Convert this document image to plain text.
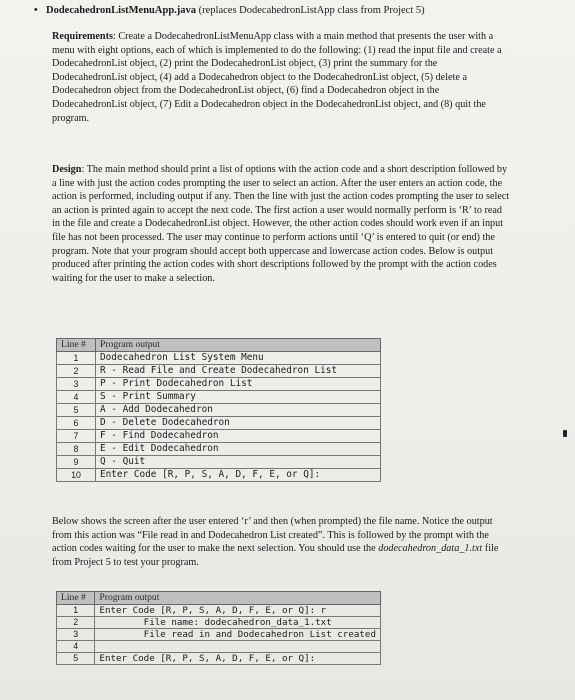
• DodecahedronListMenuApp.java (replaces DodecahedronListApp class from Project 5)
Requirements: Create a DodecahedronListMenuApp class with a main method that presents the user with a menu with eight options, each of which is implemented to do the following: (1) read the input file and create a DodecahedronList object, (2) print the DodecahedronList object, (3) print the summary for the DodecahedronList object, (4) add a Dodecahedron object to the DodecahedronList object, (5) delete a Dodecahedron object from the DodecahedronList object, (6) find a Dodecahedron object in the DodecahedronList object, (7) Edit a Dodecahedron object in the DodecahedronList object, and (8) quit the program.
Design: The main method should print a list of options with the action code and a short description followed by a line with just the action codes prompting the user to select an action. After the user enters an action code, the action is performed, including output if any. Then the line with just the action codes prompting the user to select an action is printed again to accept the next code. The first action a user would normally perform is ‘R’ to read in the file and create a DodecahedronList object. However, the other action codes should work even if an input file has not been processed. The user may continue to perform actions until ‘Q’ is entered to quit (or end) the program. Note that your program should accept both uppercase and lowercase action codes. Below is output produced after printing the action codes with short descriptions followed by the prompt with the action codes waiting for the user to make a selection.
Line #	Program output
1	Dodecahedron List System Menu
2	R - Read File and Create Dodecahedron List
3	P - Print Dodecahedron List
4	S - Print Summary
5	A - Add Dodecahedron
6	D - Delete Dodecahedron
7	F - Find Dodecahedron
8	E - Edit Dodecahedron
9	Q - Quit
10	Enter Code [R, P, S, A, D, F, E, or Q]:
Below shows the screen after the user entered ‘r’ and then (when prompted) the file name. Notice the output from this action was “File read in and Dodecahedron List created”. This is followed by the prompt with the action codes waiting for the user to make the next selection. You should use the dodecahedron_data_1.txt file from Project 5 to test your program.
Line #	Program output
1	Enter Code [R, P, S, A, D, F, E, or Q]: r
2	File name: dodecahedron_data_1.txt
3	File read in and Dodecahedron List created
4	
5	Enter Code [R, P, S, A, D, F, E, or Q]:
